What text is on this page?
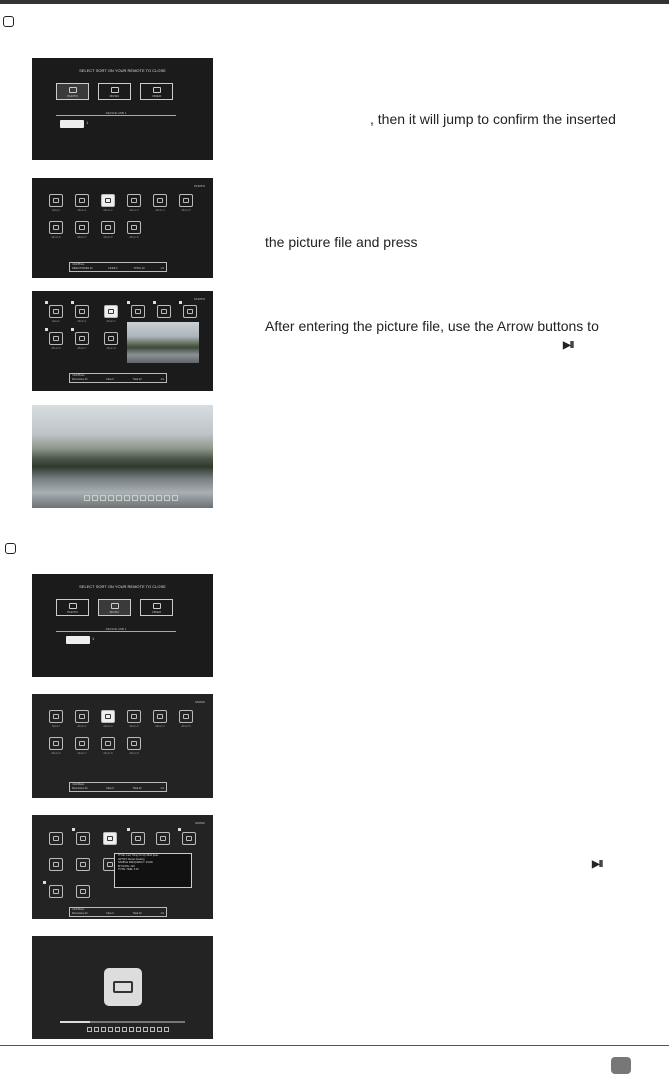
SELECT SORT ON YOUR REMOTE TO CLOSE
PHOTO	MUSIC	VIDEO
DEVICE USB 1
1
PHOTO
Return	Album 1	Album 2	Album 3	Album 4	Album 5
Album 6	Album 7	Album 8	Album 9
/Usb/Photo
DIRECTORIES:10	FILES:0	TOTAL:10	1/1
PHOTO
Return	Album 1	Album 2
Album 6	Album 7	Album 8
/Usb/Photo
Directories:10	Files:0	Total:10	1/1
, then it will jump to confirm the inserted
the picture file and press
After entering the picture file, use the Arrow buttons to
▶II
SELECT SORT ON YOUR REMOTE TO CLOSE
PHOTO	MUSIC	VIDEO
DEVICE USB 1
1
MUSIC
Return	Album 1	Album 2	Album 3	Album 4	Album 5
Album 6	Album 7	Album 8	Album 9
/Usb/Music
Directories:10	Files:0	Total:10	1/1
MUSIC
TITLE: Last Thing On My Mind (feat...
ARTIST: Ronan Keating
SAMPLE FREQUENCY: 44100
BIT RATE: 128
TOTAL TIME: 3:15
/Usb/Music
Directories:10	Files:0	Total:10	1/1
▶II
